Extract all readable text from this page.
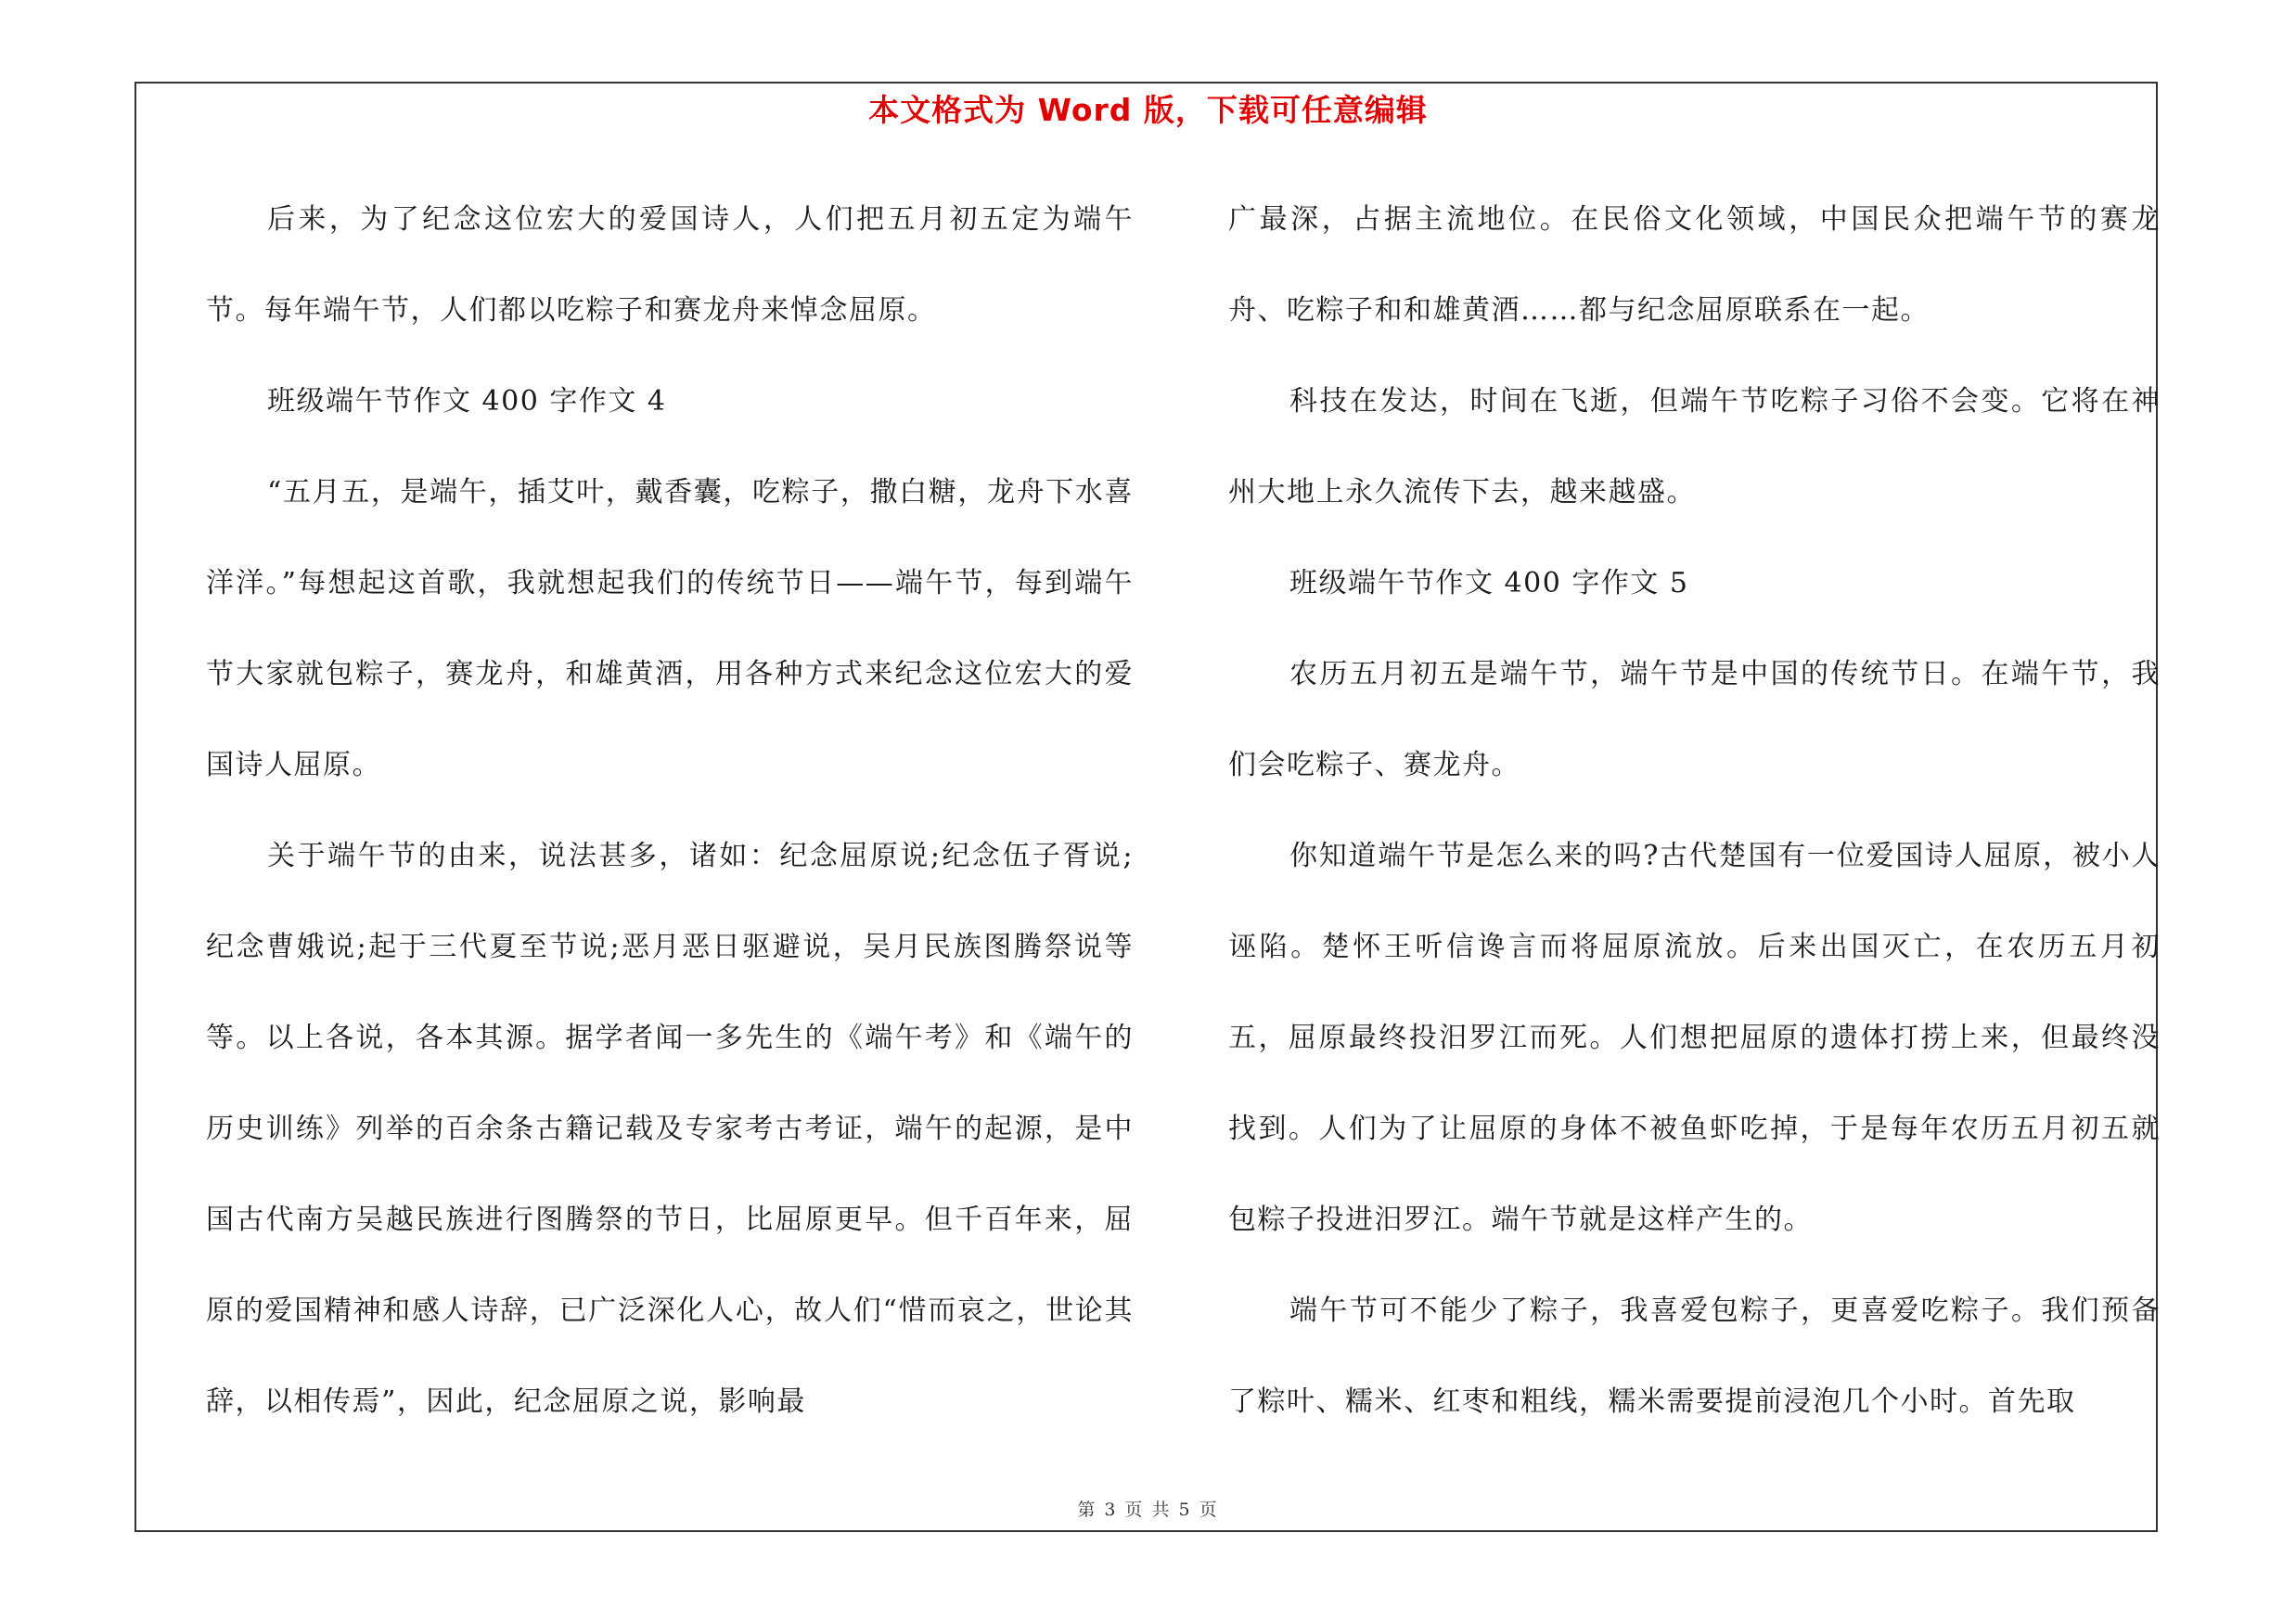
本文格式为 Word 版，下载可任意编辑

后来，为了纪念这位宏大的爱国诗人，人们把五月初五定为端午节。每年端午节，人们都以吃粽子和赛龙舟来悼念屈原。

班级端午节作文 400 字作文 4

“五月五，是端午，插艾叶，戴香囊，吃粽子，撒白糖，龙舟下水喜洋洋。”每想起这首歌，我就想起我们的传统节日——端午节，每到端午节大家就包粽子，赛龙舟，和雄黄酒，用各种方式来纪念这位宏大的爱国诗人屈原。

关于端午节的由来，说法甚多，诸如：纪念屈原说;纪念伍子胥说;纪念曹娥说;起于三代夏至节说;恶月恶日驱避说，吴月民族图腾祭说等等。以上各说，各本其源。据学者闻一多先生的《端午考》和《端午的历史训练》列举的百余条古籍记载及专家考古考证，端午的起源，是中国古代南方吴越民族进行图腾祭的节日，比屈原更早。但千百年来，屈原的爱国精神和感人诗辞，已广泛深化人心，故人们“惜而哀之，世论其辞，以相传焉”，因此，纪念屈原之说，影响最

广最深，占据主流地位。在民俗文化领域，中国民众把端午节的赛龙舟、吃粽子和和雄黄酒……都与纪念屈原联系在一起。

科技在发达，时间在飞逝，但端午节吃粽子习俗不会变。它将在神州大地上永久流传下去，越来越盛。

班级端午节作文 400 字作文 5

农历五月初五是端午节，端午节是中国的传统节日。在端午节，我们会吃粽子、赛龙舟。

你知道端午节是怎么来的吗?古代楚国有一位爱国诗人屈原，被小人诬陷。楚怀王听信谗言而将屈原流放。后来出国灭亡，在农历五月初五，屈原最终投汨罗江而死。人们想把屈原的遗体打捞上来，但最终没找到。人们为了让屈原的身体不被鱼虾吃掉，于是每年农历五月初五就包粽子投进汨罗江。端午节就是这样产生的。

端午节可不能少了粽子，我喜爱包粽子，更喜爱吃粽子。我们预备了粽叶、糯米、红枣和粗线，糯米需要提前浸泡几个小时。首先取

第 3 页 共 5 页
